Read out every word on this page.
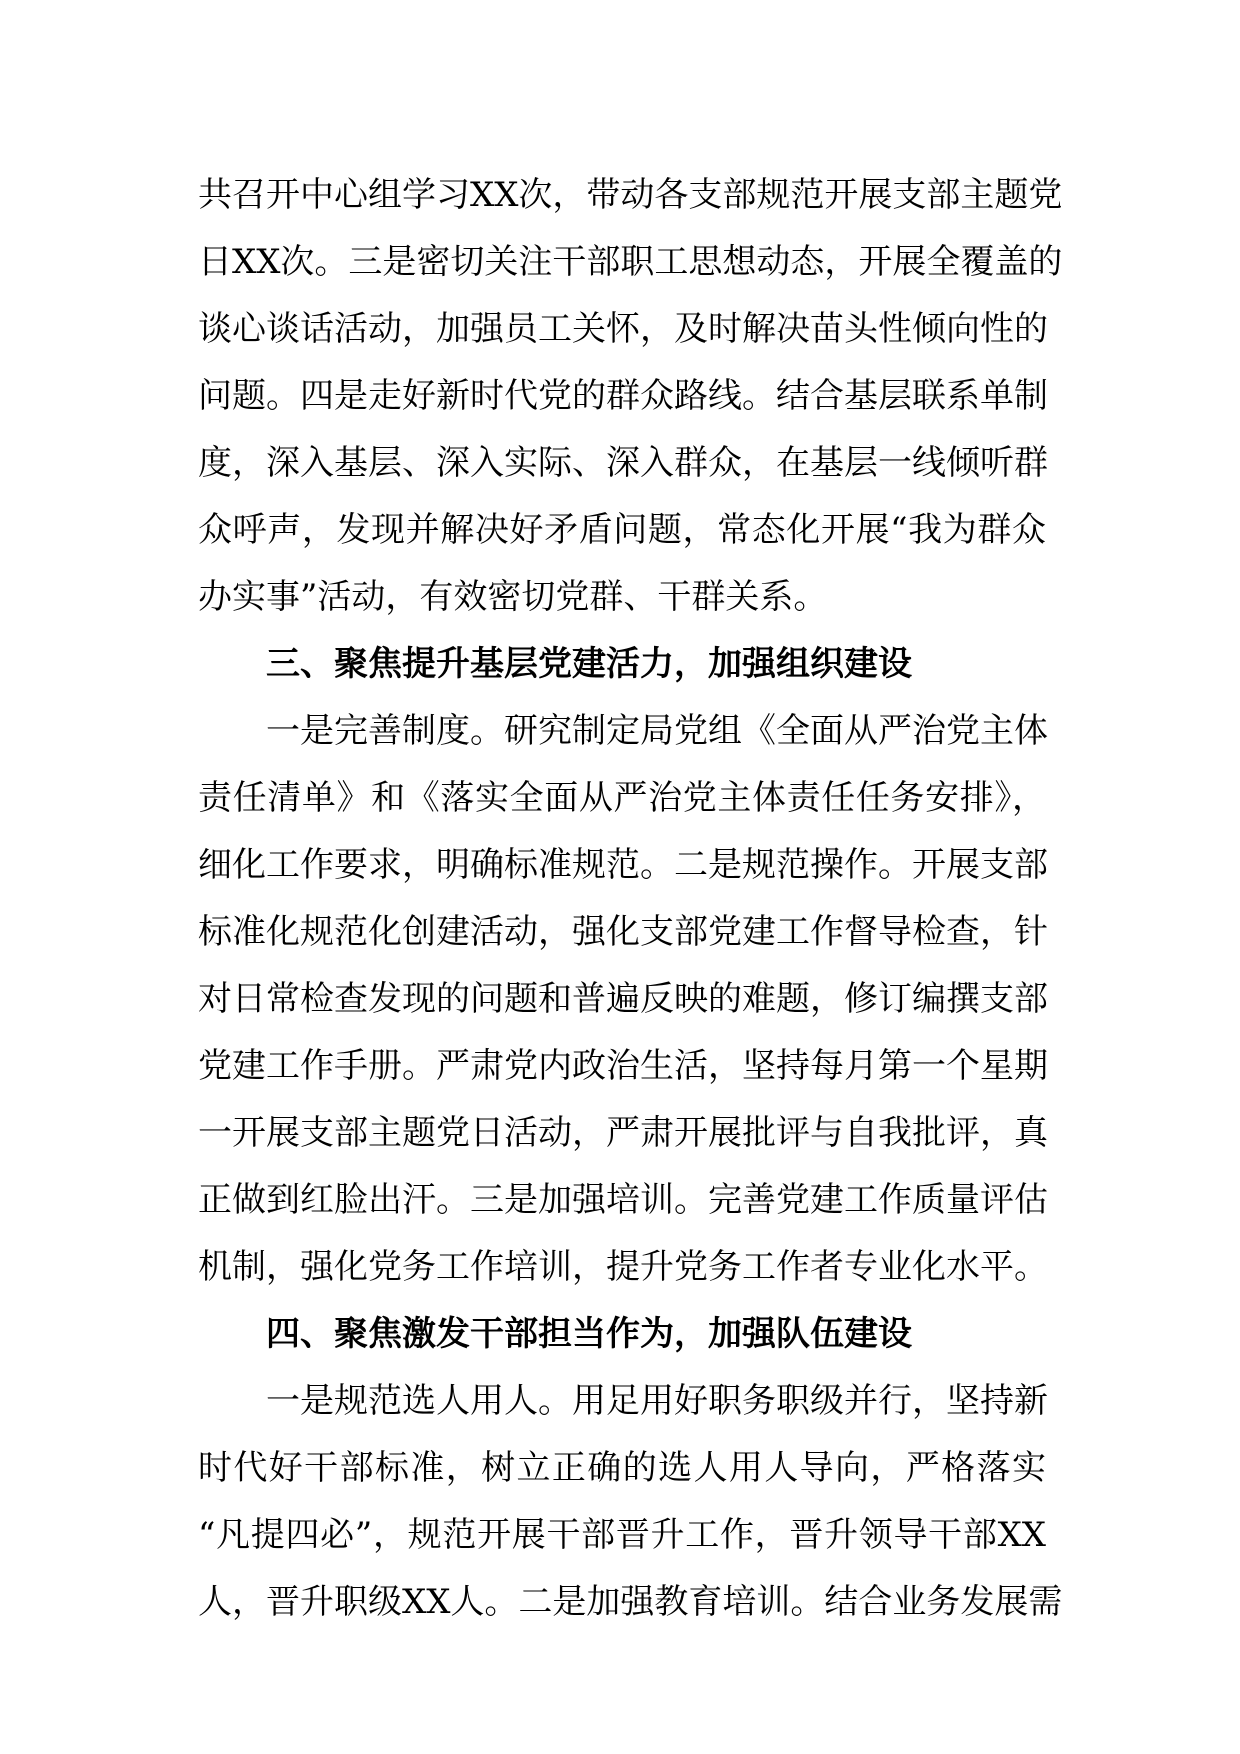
共召开中心组学习XX次，带动各支部规范开展支部主题党
日XX次。三是密切关注干部职工思想动态，开展全覆盖的
谈心谈话活动，加强员工关怀，及时解决苗头性倾向性的
问题。四是走好新时代党的群众路线。结合基层联系单制
度，深入基层、深入实际、深入群众，在基层一线倾听群
众呼声，发现并解决好矛盾问题，常态化开展“我为群众
办实事”活动，有效密切党群、干群关系。
三、聚焦提升基层党建活力，加强组织建设
一是完善制度。研究制定局党组《全面从严治党主体
责任清单》和《落实全面从严治党主体责任任务安排》，
细化工作要求，明确标准规范。二是规范操作。开展支部
标准化规范化创建活动，强化支部党建工作督导检查，针
对日常检查发现的问题和普遍反映的难题，修订编撰支部
党建工作手册。严肃党内政治生活，坚持每月第一个星期
一开展支部主题党日活动，严肃开展批评与自我批评，真
正做到红脸出汗。三是加强培训。完善党建工作质量评估
机制，强化党务工作培训，提升党务工作者专业化水平。
四、聚焦激发干部担当作为，加强队伍建设
一是规范选人用人。用足用好职务职级并行，坚持新
时代好干部标准，树立正确的选人用人导向，严格落实
“凡提四必”，规范开展干部晋升工作，晋升领导干部XX
人，晋升职级XX人。二是加强教育培训。结合业务发展需
